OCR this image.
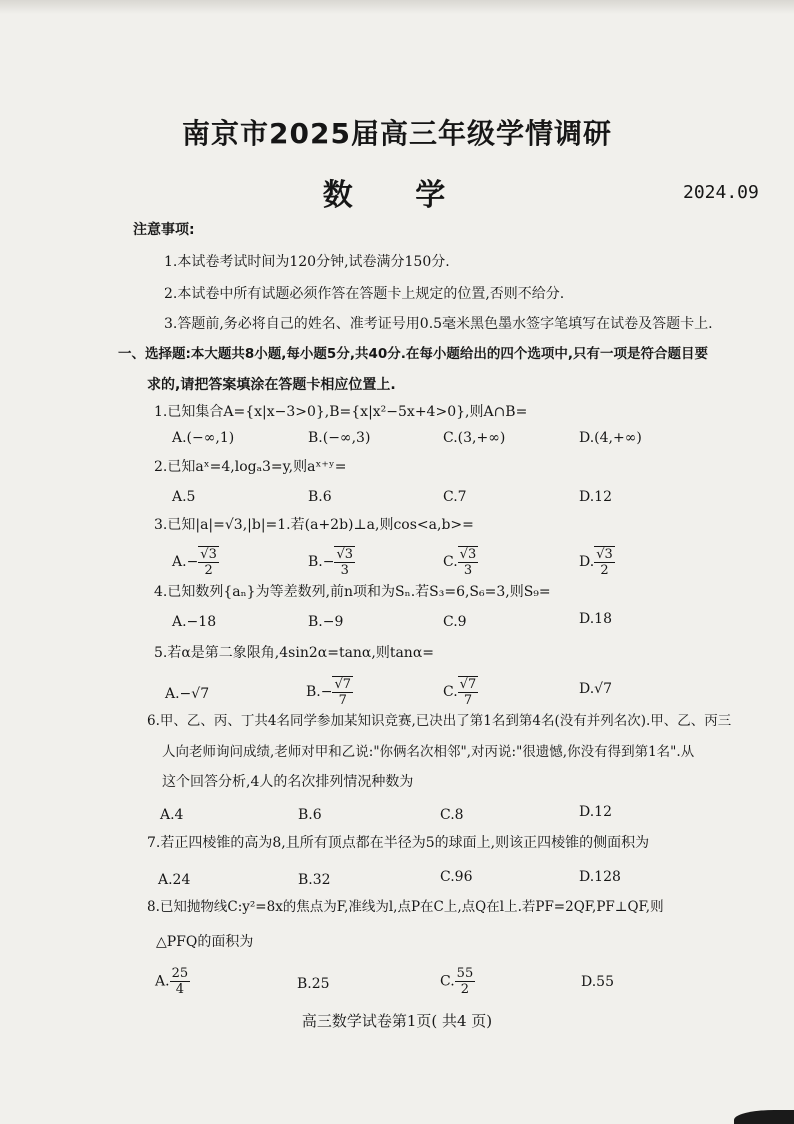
南京市2025届高三年级学情调研
数 学	2024.09
注意事项:
1.本试卷考试时间为120分钟,试卷满分150分.
2.本试卷中所有试题必须作答在答题卡上规定的位置,否则不给分.
3.答题前,务必将自己的姓名、准考证号用0.5毫米黑色墨水签字笔填写在试卷及答题卡上.
一、选择题:本大题共8小题,每小题5分,共40分.在每小题给出的四个选项中,只有一项是符合题目要
求的,请把答案填涂在答题卡相应位置上.
1.已知集合A={x|x−3>0},B={x|x²−5x+4>0},则A∩B=
A.(−∞,1)	B.(−∞,3)	C.(3,+∞)	D.(4,+∞)
2.已知aˣ=4,logₐ3=y,则aˣ⁺ʸ=
A.5	B.6	C.7	D.12
3.已知|a|=√3,|b|=1.若(a+2b)⊥a,则cos<a,b>=
$A.- \frac{√3}{2}$	$B.- \frac{√3}{3}$	C. $\frac{√3}{3}$	D. $\frac{√3}{2}$
4.已知数列{aₙ}为等差数列,前n项和为Sₙ.若S₃=6,S₆=3,则S₉=
A.−18	B.−9	C.9	D.18
5.若α是第二象限角,4sin2α=tanα,则tanα=
A.−√7	$B.- \frac{√7}{7}$	C. $\frac{√7}{7}$	D.√7
6.甲、乙、丙、丁共4名同学参加某知识竞赛,已决出了第1名到第4名(没有并列名次).甲、乙、丙三
人向老师询问成绩,老师对甲和乙说:"你俩名次相邻",对丙说:"很遗憾,你没有得到第1名".从
这个回答分析,4人的名次排列情况种数为
A.4	B.6	C.8	D.12
7.若正四棱锥的高为8,且所有顶点都在半径为5的球面上,则该正四棱锥的侧面积为
A.24	B.32	C.96	D.128
8.已知抛物线C:y²=8x的焦点为F,准线为l,点P在C上,点Q在l上.若PF=2QF,PF⊥QF,则
△PFQ的面积为
A. $\frac{25}{4}$	B.25	C. $\frac{55}{2}$	D.55
高三数学试卷第1页( 共4 页)
